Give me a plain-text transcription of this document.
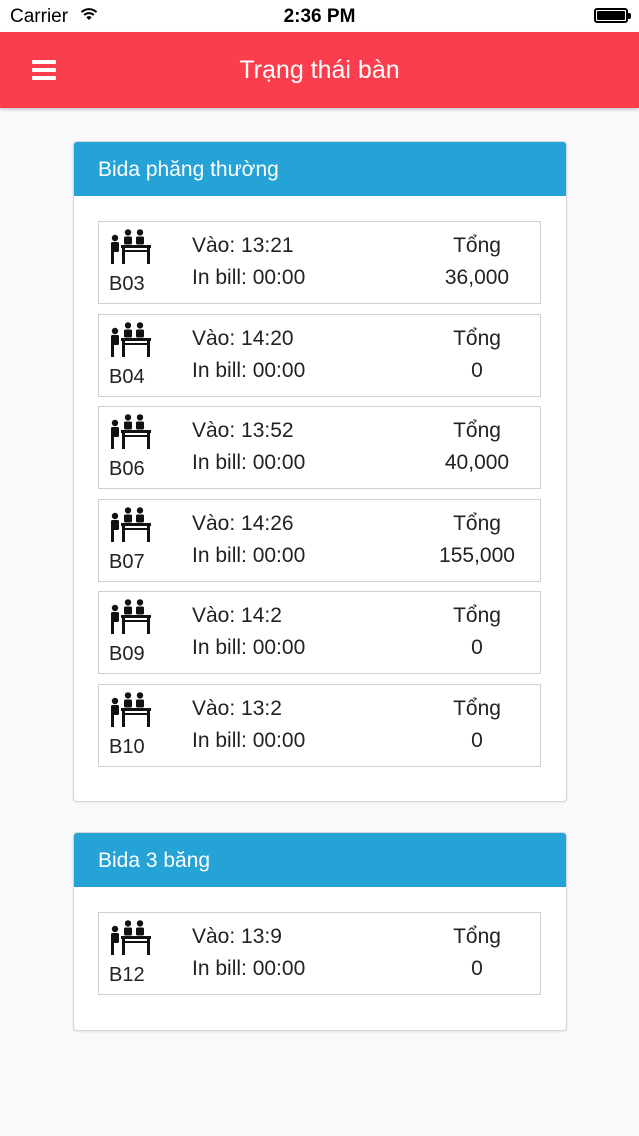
Carrier	2:36 PM
Trạng thái bàn
Bida phăng thường
B03
Vào: 13:21
In bill: 00:00
Tổng
36,000
B04
Vào: 14:20
In bill: 00:00
Tổng
0
B06
Vào: 13:52
In bill: 00:00
Tổng
40,000
B07
Vào: 14:26
In bill: 00:00
Tổng
155,000
B09
Vào: 14:2
In bill: 00:00
Tổng
0
B10
Vào: 13:2
In bill: 00:00
Tổng
0
Bida 3 băng
B12
Vào: 13:9
In bill: 00:00
Tổng
0
